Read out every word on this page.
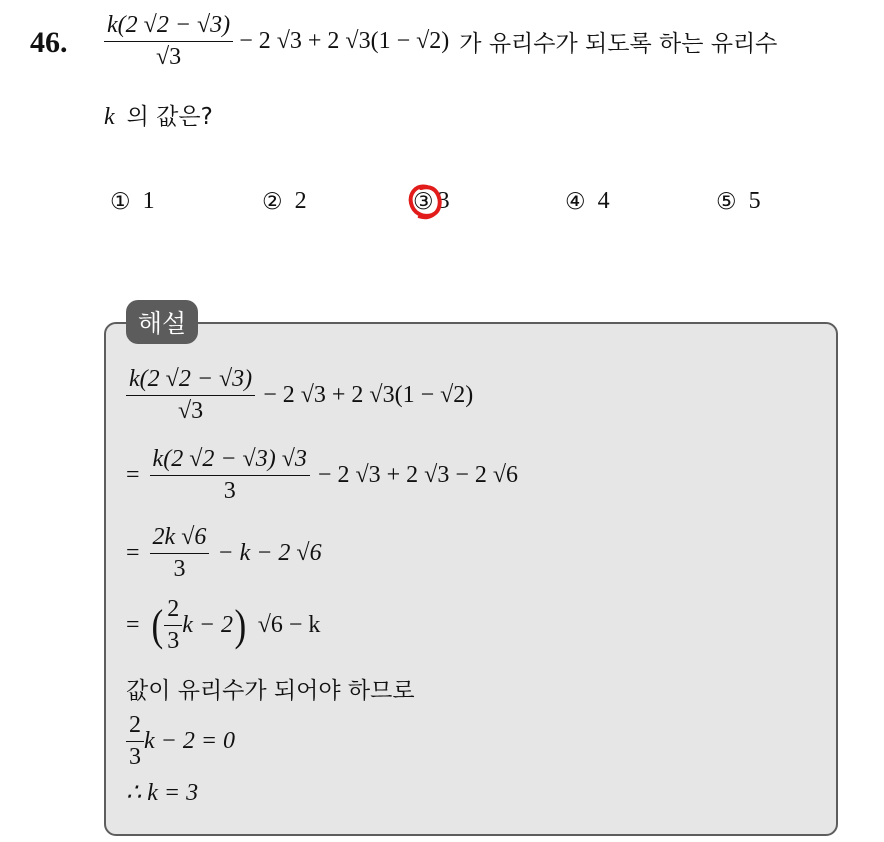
46. $\frac{k(2 √2 - √3)}{√3} - 2$ √3 + 2 √3(1 − √2) 가 유리수가 되도록 하는 유리수
k 의 값은?
① 1	② 2	③ 3	④ 4	⑤ 5
해설
$\frac{k(2 √2 - √3)}{√3} - 2$ √3 + 2 √3(1 − √2)
= $\frac{k(2 √2 - √3) √3}{3} - 2$ √3 + 2 √3 − 2 √6
= $\frac{2k √6}{3} - k - 2$ √6
= ( $\frac{2}{3}$ k − 2 ) √6 − k
값이 유리수가 되어야 하므로
$\frac{2}{3}$ k − 2 = 0
∴ k = 3
